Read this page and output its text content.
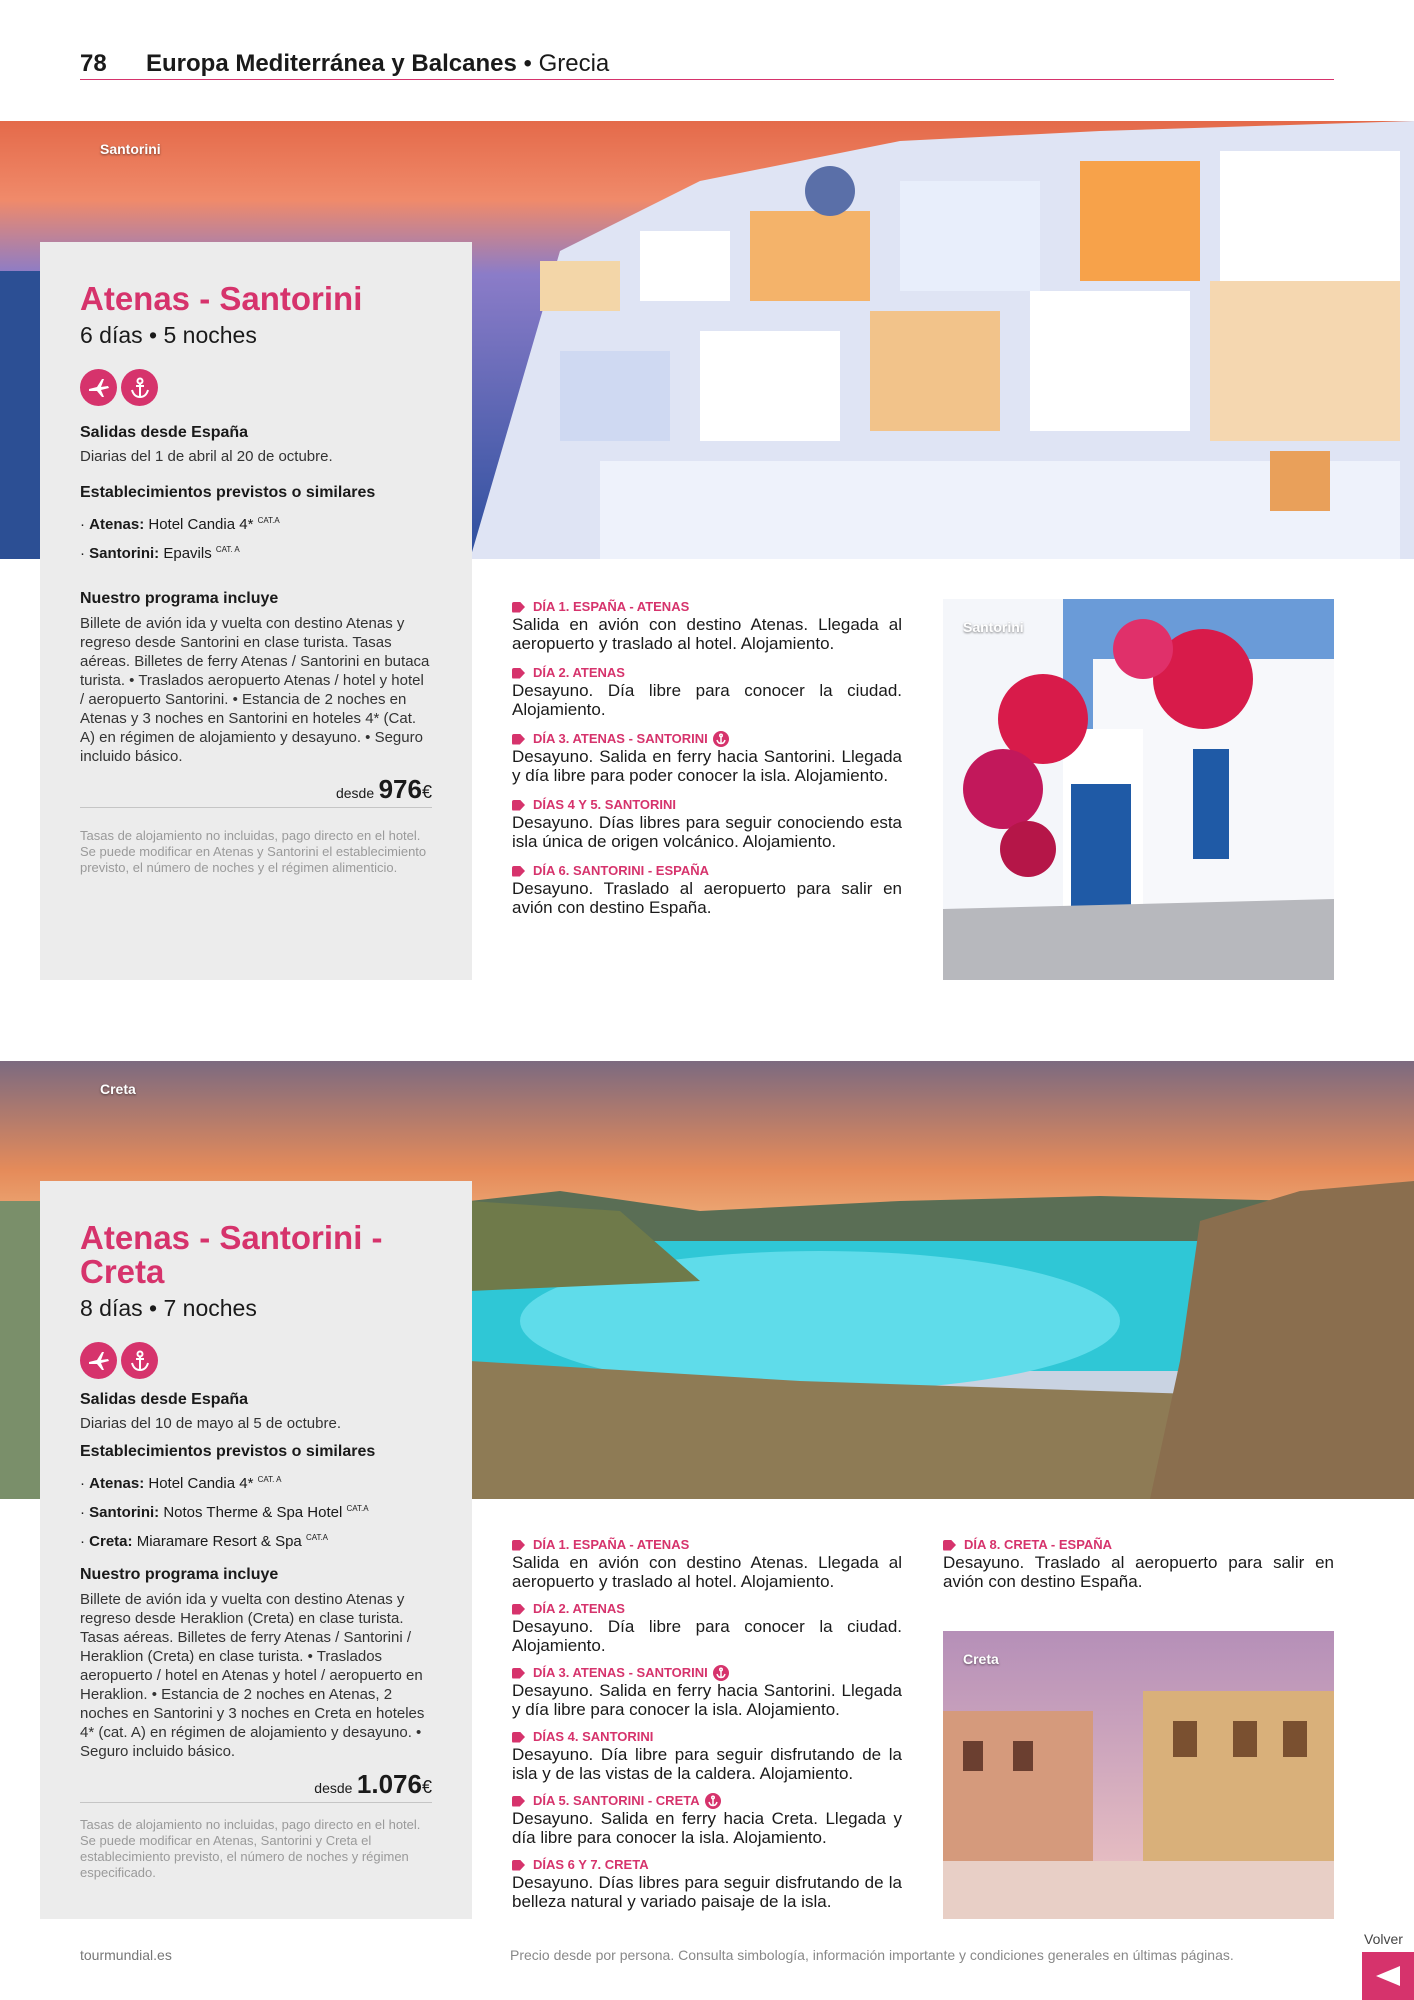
78 Europa Mediterránea y Balcanes • Grecia
Santorini
Atenas - Santorini
6 días • 5 noches
Salidas desde España

Diarias del 1 de abril al 20 de octubre.

Establecimientos previstos o similares
· Atenas: Hotel Candia 4* $^{CAT.A}$
· Santorini: Epavils $^{CAT. A}$
Nuestro programa incluye

Billete de avión ida y vuelta con destino Atenas y regreso desde Santorini en clase turista. Tasas aéreas. Billetes de ferry Atenas / Santorini en butaca turista. • Traslados aeropuerto Atenas / hotel y hotel / aeropuerto Santorini. • Estancia de 2 noches en Atenas y 3 noches en Santorini en hoteles 4* (Cat. A) en régimen de alojamiento y desayuno. • Seguro incluido básico.

desde 976€

Tasas de alojamiento no incluidas, pago directo en el hotel. Se puede modificar en Atenas y Santorini el establecimiento previsto, el número de noches y el régimen alimenticio.

DÍA 1. ESPAÑA - ATENAS
Salida en avión con destino Atenas. Llegada al aeropuerto y traslado al hotel. Alojamiento.
DÍA 2. ATENAS
Desayuno. Día libre para conocer la ciudad. Alojamiento.
DÍA 3. ATENAS - SANTORINI
Desayuno. Salida en ferry hacia Santorini. Llegada y día libre para poder conocer la isla. Alojamiento.
DÍAS 4 Y 5. SANTORINI
Desayuno. Días libres para seguir conociendo esta isla única de origen volcánico. Alojamiento.
DÍA 6. SANTORINI - ESPAÑA
Desayuno. Traslado al aeropuerto para salir en avión con destino España.
Santorini
Creta
Atenas - Santorini - Creta
8 días • 7 noches
Salidas desde España

Diarias del 10 de mayo al 5 de octubre.

Establecimientos previstos o similares
· Atenas: Hotel Candia 4* $^{CAT. A}$
· Santorini: Notos Therme & Spa Hotel $^{CAT.A}$
· Creta: Miaramare Resort & Spa $^{CAT.A}$
Nuestro programa incluye

Billete de avión ida y vuelta con destino Atenas y regreso desde Heraklion (Creta) en clase turista. Tasas aéreas. Billetes de ferry Atenas / Santorini / Heraklion (Creta) en clase turista. • Traslados aeropuerto / hotel en Atenas y hotel / aeropuerto en Heraklion. • Estancia de 2 noches en Atenas, 2 noches en Santorini y 3 noches en Creta en hoteles 4* (cat. A) en régimen de alojamiento y desayuno. • Seguro incluido básico.

desde 1.076€

Tasas de alojamiento no incluidas, pago directo en el hotel. Se puede modificar en Atenas, Santorini y Creta el establecimiento previsto, el número de noches y régimen especificado.

DÍA 1. ESPAÑA - ATENAS
Salida en avión con destino Atenas. Llegada al aeropuerto y traslado al hotel. Alojamiento.
DÍA 2. ATENAS
Desayuno. Día libre para conocer la ciudad. Alojamiento.
DÍA 3. ATENAS - SANTORINI
Desayuno. Salida en ferry hacia Santorini. Llegada y día libre para conocer la isla. Alojamiento.
DÍAS 4. SANTORINI
Desayuno. Día libre para seguir disfrutando de la isla y de las vistas de la caldera. Alojamiento.
DÍA 5. SANTORINI - CRETA
Desayuno. Salida en ferry hacia Creta. Llegada y día libre para conocer la isla. Alojamiento.
DÍAS 6 Y 7. CRETA
Desayuno. Días libres para seguir disfrutando de la belleza natural y variado paisaje de la isla.
DÍA 8. CRETA - ESPAÑA
Desayuno. Traslado al aeropuerto para salir en avión con destino España.
Creta
tourmundial.es	Precio desde por persona. Consulta simbología, información importante y condiciones generales en últimas páginas.
Volver
